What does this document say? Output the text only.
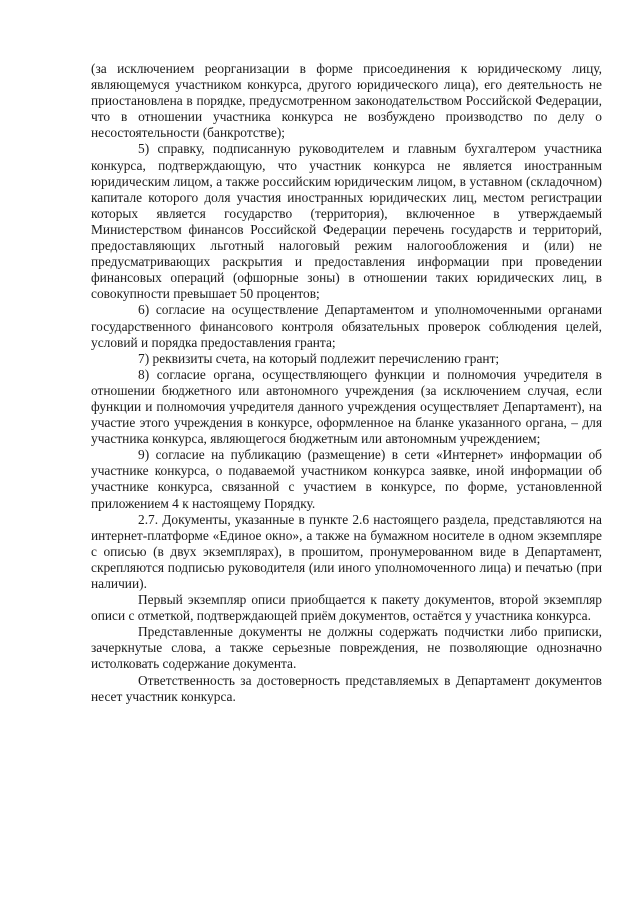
(за исключением реорганизации в форме присоединения к юридическому лицу, являющемуся участником конкурса, другого юридического лица), его деятельность не приостановлена в порядке, предусмотренном законодательством Российской Федерации, что в отношении участника конкурса не возбуждено производство по делу о несостоятельности (банкротстве);

5) справку, подписанную руководителем и главным бухгалтером участника конкурса, подтверждающую, что участник конкурса не является иностранным юридическим лицом, а также российским юридическим лицом, в уставном (складочном) капитале которого доля участия иностранных юридических лиц, местом регистрации которых является государство (территория), включенное в утверждаемый Министерством финансов Российской Федерации перечень государств и территорий, предоставляющих льготный налоговый режим налогообложения и (или) не предусматривающих раскрытия и предоставления информации при проведении финансовых операций (офшорные зоны) в отношении таких юридических лиц, в совокупности превышает 50 процентов;

6) согласие на осуществление Департаментом и уполномоченными органами государственного финансового контроля обязательных проверок соблюдения целей, условий и порядка предоставления гранта;

7) реквизиты счета, на который подлежит перечислению грант;

8) согласие органа, осуществляющего функции и полномочия учредителя в отношении бюджетного или автономного учреждения (за исключением случая, если функции и полномочия учредителя данного учреждения осуществляет Департамент), на участие этого учреждения в конкурсе, оформленное на бланке указанного органа, – для участника конкурса, являющегося бюджетным или автономным учреждением;

9) согласие на публикацию (размещение) в сети «Интернет» информации об участнике конкурса, о подаваемой участником конкурса заявке, иной информации об участнике конкурса, связанной с участием в конкурсе, по форме, установленной приложением 4 к настоящему Порядку.

2.7. Документы, указанные в пункте 2.6 настоящего раздела, представляются на интернет-платформе «Единое окно», а также на бумажном носителе в одном экземпляре с описью (в двух экземплярах), в прошитом, пронумерованном виде в Департамент, скрепляются подписью руководителя (или иного уполномоченного лица) и печатью (при наличии).

Первый экземпляр описи приобщается к пакету документов, второй экземпляр описи с отметкой, подтверждающей приём документов, остаётся у участника конкурса.

Представленные документы не должны содержать подчистки либо приписки, зачеркнутые слова, а также серьезные повреждения, не позволяющие однозначно истолковать содержание документа.

Ответственность за достоверность представляемых в Департамент документов несет участник конкурса.
